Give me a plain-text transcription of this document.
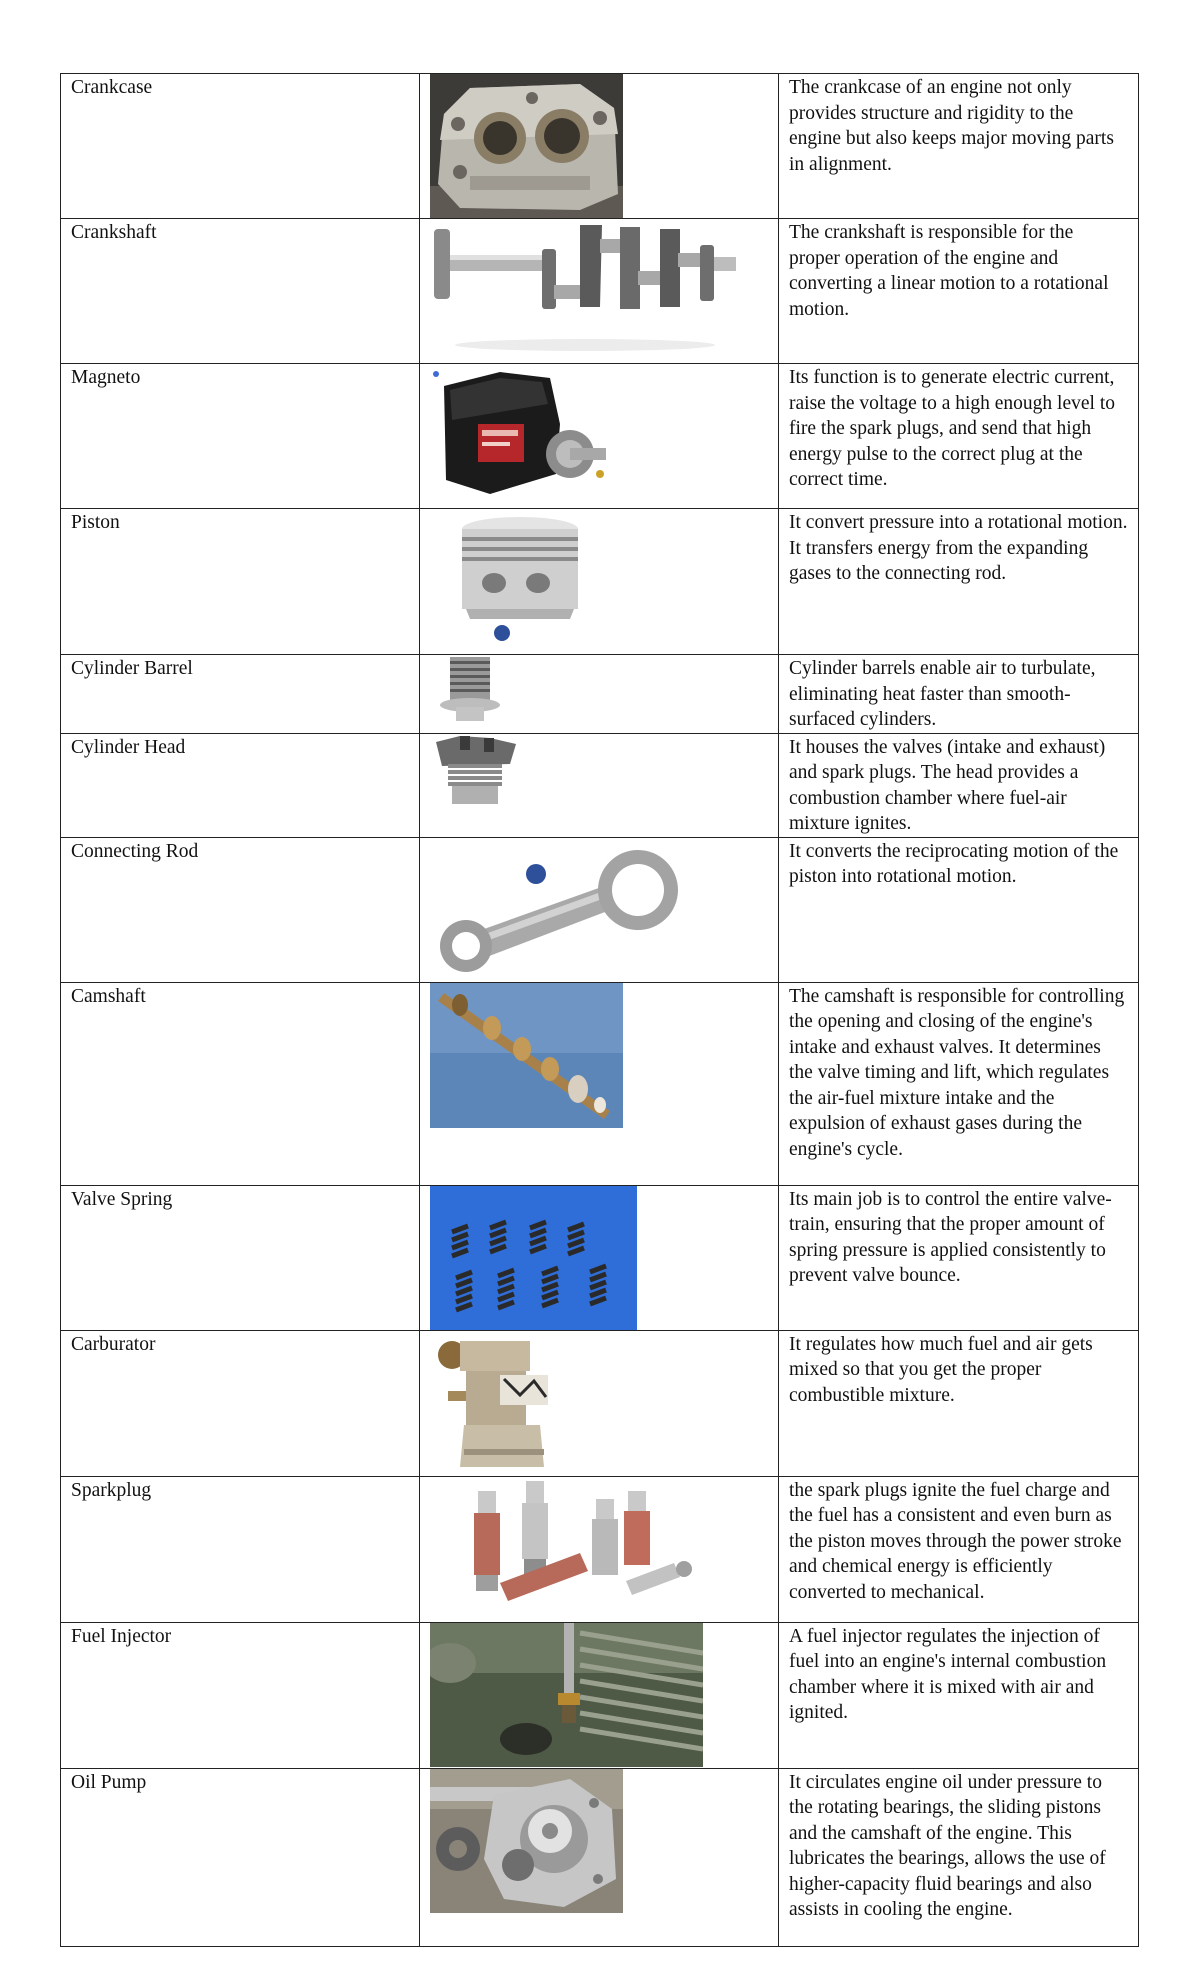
Crankcase		The crankcase of an engine not only provides structure and rigidity to the engine but also keeps major moving parts in alignment.

Crankshaft		The crankshaft is responsible for the proper operation of the engine and converting a linear motion to a rotational motion.

Magneto		Its function is to generate electric current, raise the voltage to a high enough level to fire the spark plugs, and send that high energy pulse to the correct plug at the correct time.

Piston		It convert pressure into a rotational motion. It transfers energy from the expanding gases to the connecting rod.

Cylinder Barrel		Cylinder barrels enable air to turbulate, eliminating heat faster than smooth-surfaced cylinders.

Cylinder Head		It houses the valves (intake and exhaust) and spark plugs. The head provides a combustion chamber where fuel-air mixture ignites.

Connecting Rod		It converts the reciprocating motion of the piston into rotational motion.

Camshaft		The camshaft is responsible for controlling the opening and closing of the engine's intake and exhaust valves. It determines the valve timing and lift, which regulates the air-fuel mixture intake and the expulsion of exhaust gases during the engine's cycle.

Valve Spring		Its main job is to control the entire valve-train, ensuring that the proper amount of spring pressure is applied consistently to prevent valve bounce.

Carburator		It regulates how much fuel and air gets mixed so that you get the proper combustible mixture.

Sparkplug		the spark plugs ignite the fuel charge and the fuel has a consistent and even burn as the piston moves through the power stroke and chemical energy is efficiently converted to mechanical.

Fuel Injector		A fuel injector regulates the injection of fuel into an engine's internal combustion chamber where it is mixed with air and ignited.

Oil Pump		It circulates engine oil under pressure to the rotating bearings, the sliding pistons and the camshaft of the engine. This lubricates the bearings, allows the use of higher-capacity fluid bearings and also assists in cooling the engine.
